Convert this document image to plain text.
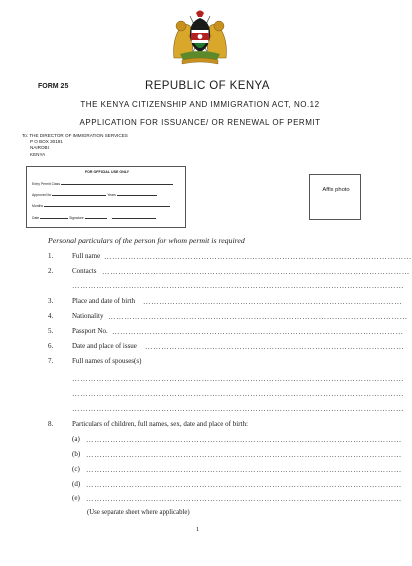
FORM 25	REPUBLIC OF KENYA
THE KENYA CITIZENSHIP AND IMMIGRATION ACT, NO.12
APPLICATION FOR ISSUANCE/ OR RENEWAL OF PERMIT
To: THE DIRECTOR OF IMMIGRATION SERVICES
P O BOX 30191
NAIROBI
KENYA
FOR OFFICIAL USE ONLY
Entry Permit Class
Approved for	Years
Months
Date	Signature
Affix photo
Personal particulars of the person for whom permit is required
1.	Full name ……………………………………………………………………………………………………
2.	Contacts ……………………………………………………………………………………………………
……………………………………………………………………………………………………………
3.	Place and date of birth ……………………………………………………………………………………
4.	Nationality …………………………………………………………………………………………………
5.	Passport No. ………………………………………………………………………………………………
6.	Date and place of issue ……………………………………………………………………………………
7.	Full names of spouses(s)
……………………………………………………………………………………………………………
……………………………………………………………………………………………………………
……………………………………………………………………………………………………………
8.	Particulars of children, full names, sex, date and place of birth:
(a) ………………………………………………………………………………………………………
(b) ………………………………………………………………………………………………………
(c) ………………………………………………………………………………………………………
(d) ………………………………………………………………………………………………………
(e) ………………………………………………………………………………………………………
(Use separate sheet where applicable)
1
